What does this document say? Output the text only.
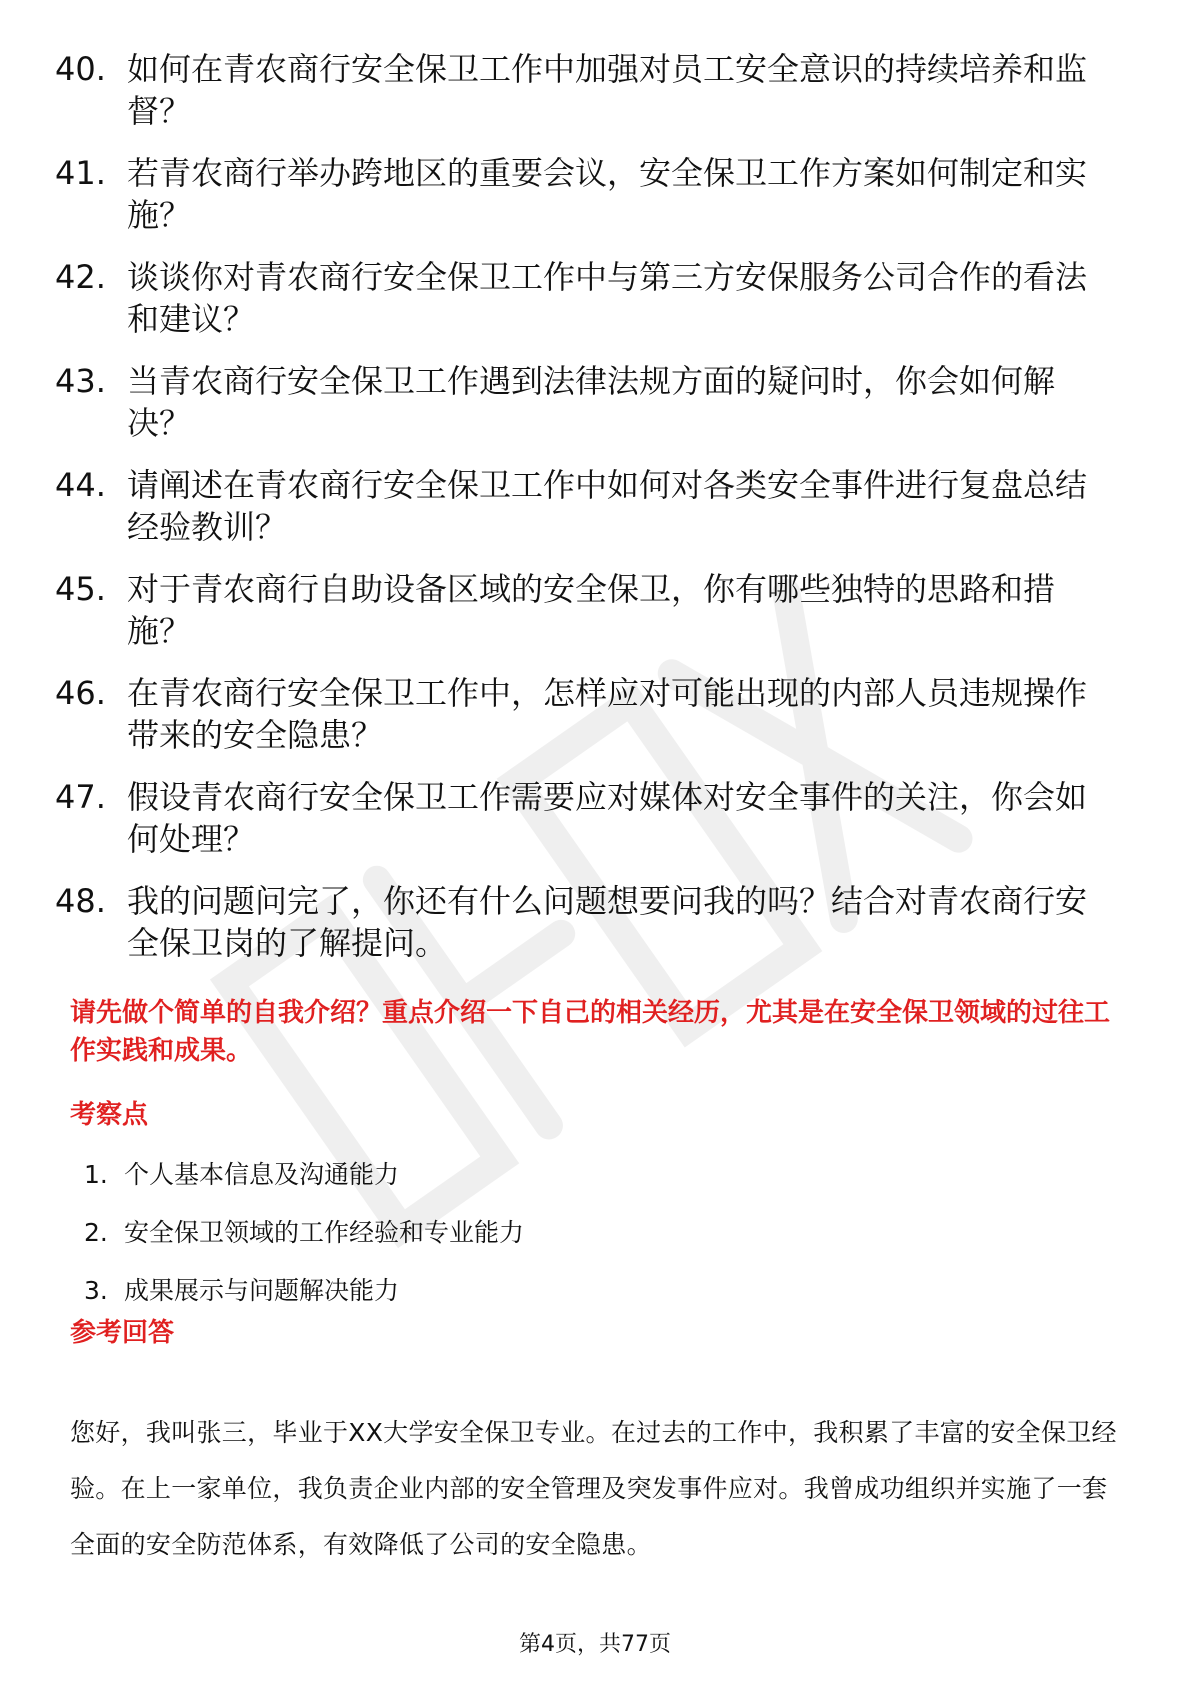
40. 如何在青农商行安全保卫工作中加强对员工安全意识的持续培养和监督？
41. 若青农商行举办跨地区的重要会议，安全保卫工作方案如何制定和实施？
42. 谈谈你对青农商行安全保卫工作中与第三方安保服务公司合作的看法和建议？
43. 当青农商行安全保卫工作遇到法律法规方面的疑问时，你会如何解决？
44. 请阐述在青农商行安全保卫工作中如何对各类安全事件进行复盘总结经验教训？
45. 对于青农商行自助设备区域的安全保卫，你有哪些独特的思路和措施？
46. 在青农商行安全保卫工作中，怎样应对可能出现的内部人员违规操作带来的安全隐患？
47. 假设青农商行安全保卫工作需要应对媒体对安全事件的关注，你会如何处理？
48. 我的问题问完了，你还有什么问题想要问我的吗？结合对青农商行安全保卫岗的了解提问。
请先做个简单的自我介绍？重点介绍一下自己的相关经历，尤其是在安全保卫领域的过往工作实践和成果。
考察点
1. 个人基本信息及沟通能力
2. 安全保卫领域的工作经验和专业能力
3. 成果展示与问题解决能力
参考回答
您好，我叫张三，毕业于XX大学安全保卫专业。在过去的工作中，我积累了丰富的安全保卫经验。在上一家单位，我负责企业内部的安全管理及突发事件应对。我曾成功组织并实施了一套全面的安全防范体系，有效降低了公司的安全隐患。
第4页，共77页
